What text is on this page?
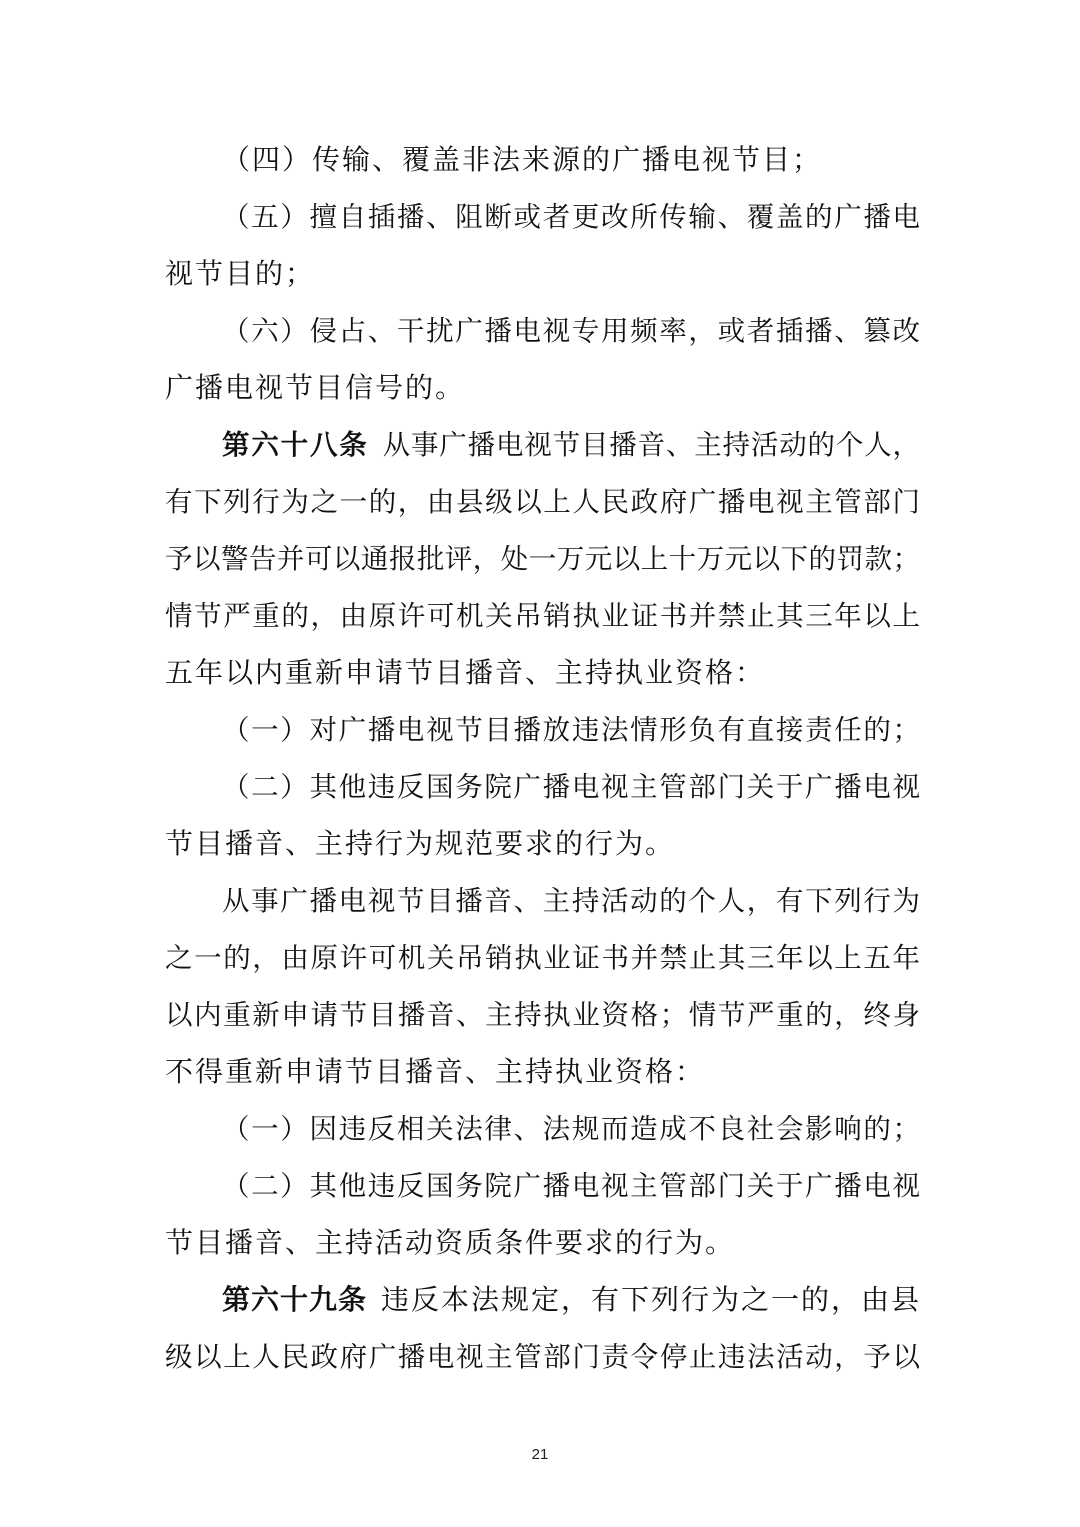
（四）传输、覆盖非法来源的广播电视节目；
（五）擅自插播、阻断或者更改所传输、覆盖的广播电
视节目的；
（六）侵占、干扰广播电视专用频率，或者插播、篡改
广播电视节目信号的。
第六十八条 从事广播电视节目播音、主持活动的个人，
有下列行为之一的，由县级以上人民政府广播电视主管部门
予以警告并可以通报批评，处一万元以上十万元以下的罚款；
情节严重的，由原许可机关吊销执业证书并禁止其三年以上
五年以内重新申请节目播音、主持执业资格：
（一）对广播电视节目播放违法情形负有直接责任的；
（二）其他违反国务院广播电视主管部门关于广播电视
节目播音、主持行为规范要求的行为。
从事广播电视节目播音、主持活动的个人，有下列行为
之一的，由原许可机关吊销执业证书并禁止其三年以上五年
以内重新申请节目播音、主持执业资格；情节严重的，终身
不得重新申请节目播音、主持执业资格：
（一）因违反相关法律、法规而造成不良社会影响的；
（二）其他违反国务院广播电视主管部门关于广播电视
节目播音、主持活动资质条件要求的行为。
第六十九条 违反本法规定，有下列行为之一的，由县
级以上人民政府广播电视主管部门责令停止违法活动，予以
21
